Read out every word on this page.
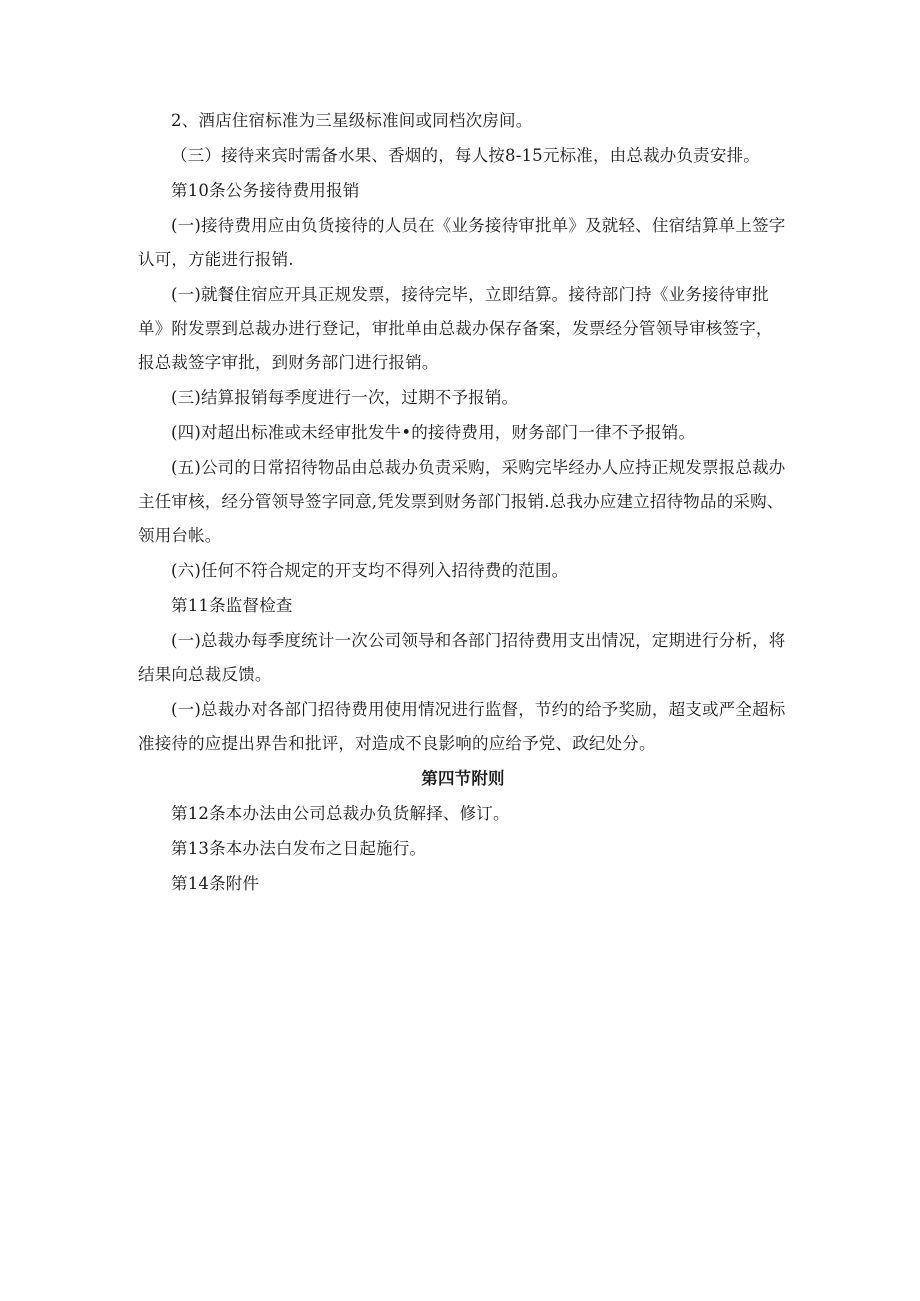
2、酒店住宿标准为三星级标准间或同档次房间。

（三）接待来宾时需备水果、香烟的，每人按8-15元标准，由总裁办负责安排。

第10条公务接待费用报销

(一)接待费用应由负货接待的人员在《业务接待审批单》及就轻、住宿结算单上签字认可，方能进行报销.

(一)就餐住宿应开具正规发票，接待完毕，立即结算。接待部门持《业务接待审批单》附发票到总裁办进行登记，审批单由总裁办保存备案，发票经分管领导审核签字，报总裁签字审批，到财务部门进行报销。

(三)结算报销每季度进行一次，过期不予报销。

(四)对超出标准或未经审批发牛•的接待费用，财务部门一律不予报销。

(五)公司的日常招待物品由总裁办负责采购，采购完毕经办人应持正规发票报总裁办主任审核，经分管领导签字同意,凭发票到财务部门报销.总我办应建立招待物品的采购、领用台帐。

(六)任何不符合规定的开支均不得列入招待费的范围。

第11条监督检查

(一)总裁办每季度统计一次公司领导和各部门招待费用支出情况，定期进行分析，将结果向总裁反馈。

(一)总裁办对各部门招待费用使用情况进行监督，节约的给予奖励，超支或严全超标准接待的应提出界告和批评，对造成不良影响的应给予党、政纪处分。

第四节附则

第12条本办法由公司总裁办负货解择、修订。

第13条本办法白发布之日起施行。

第14条附件
